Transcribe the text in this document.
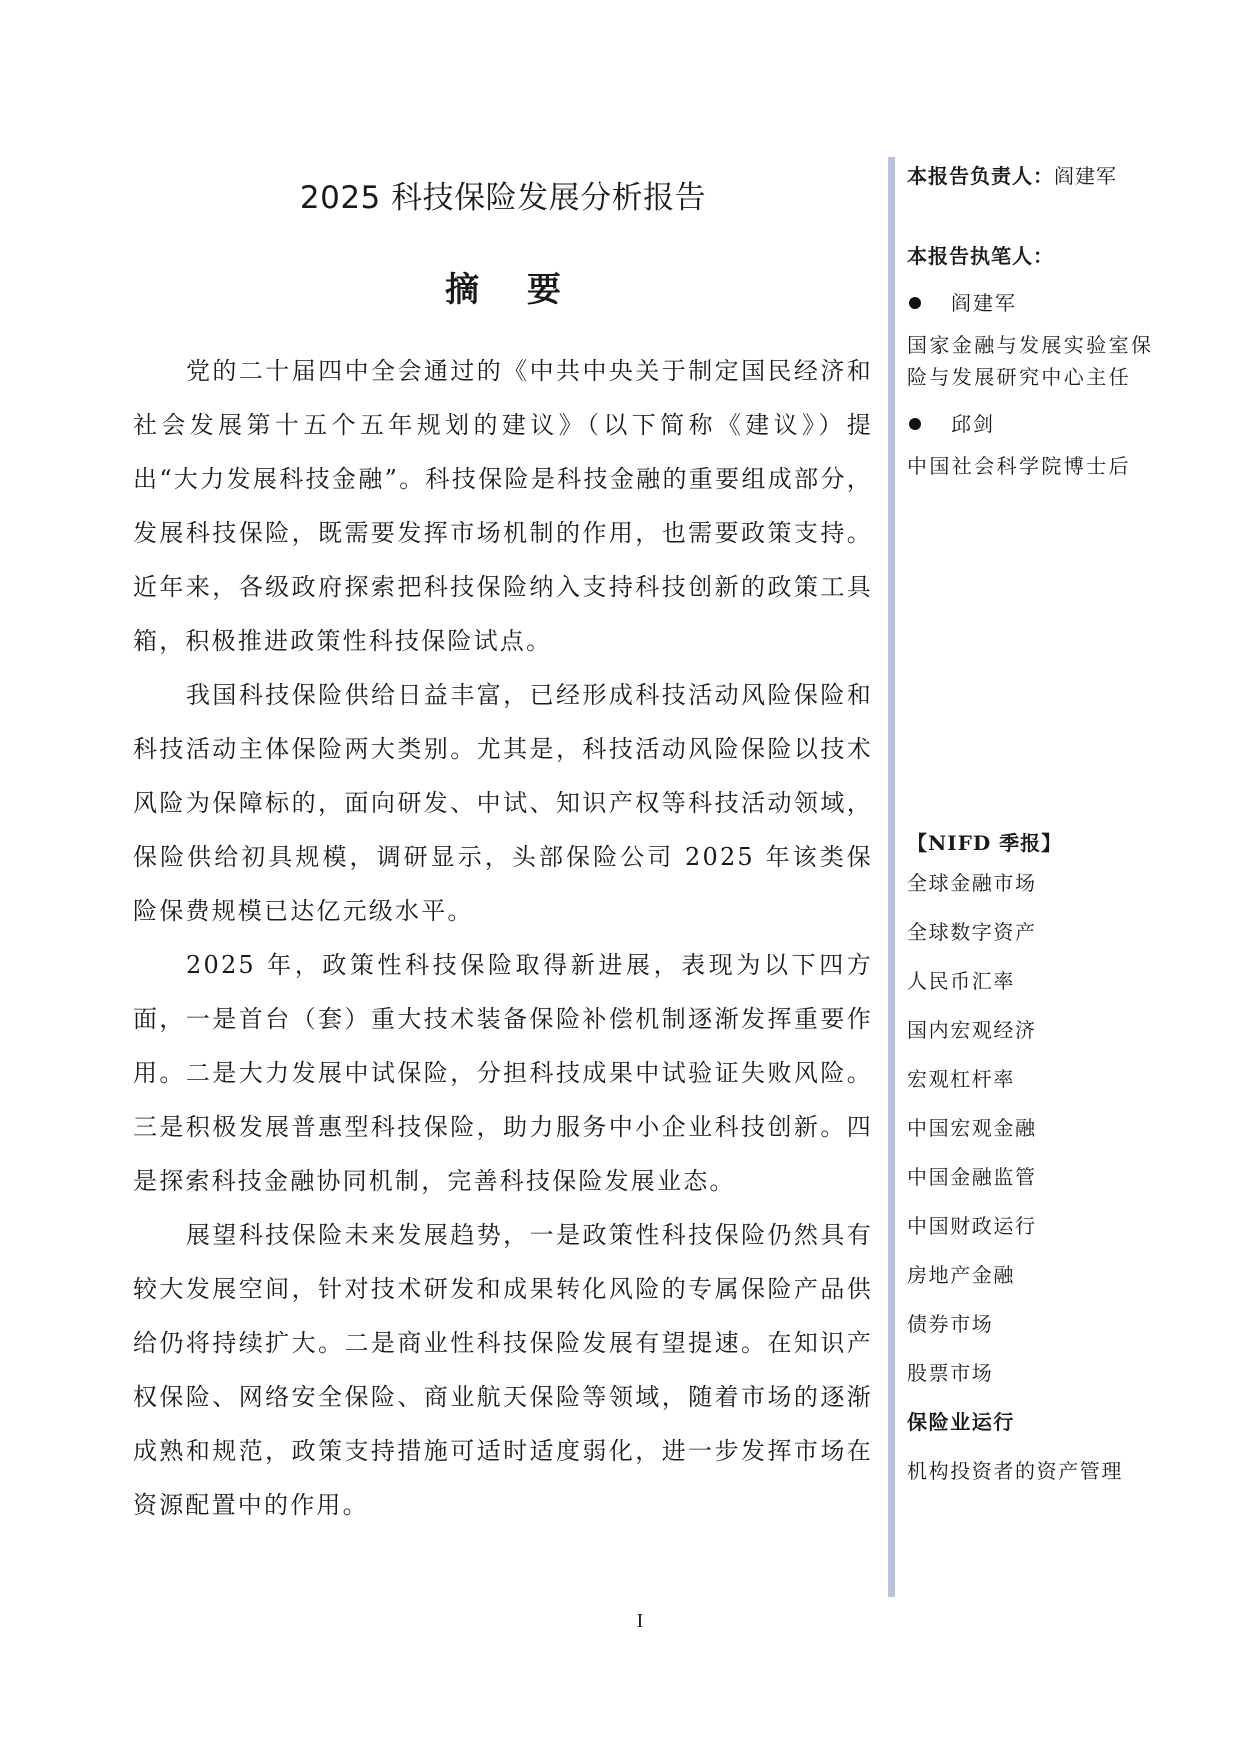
2025 科技保险发展分析报告
摘 要

党的二十届四中全会通过的《中共中央关于制定国民经济和社会发展第十五个五年规划的建议》（以下简称《建议》）提出“大力发展科技金融”。科技保险是科技金融的重要组成部分，发展科技保险，既需要发挥市场机制的作用，也需要政策支持。近年来，各级政府探索把科技保险纳入支持科技创新的政策工具箱，积极推进政策性科技保险试点。

我国科技保险供给日益丰富，已经形成科技活动风险保险和科技活动主体保险两大类别。尤其是，科技活动风险保险以技术风险为保障标的，面向研发、中试、知识产权等科技活动领域，保险供给初具规模，调研显示，头部保险公司 2025 年该类保险保费规模已达亿元级水平。

2025 年，政策性科技保险取得新进展，表现为以下四方面，一是首台（套）重大技术装备保险补偿机制逐渐发挥重要作用。二是大力发展中试保险，分担科技成果中试验证失败风险。三是积极发展普惠型科技保险，助力服务中小企业科技创新。四是探索科技金融协同机制，完善科技保险发展业态。

展望科技保险未来发展趋势，一是政策性科技保险仍然具有较大发展空间，针对技术研发和成果转化风险的专属保险产品供给仍将持续扩大。二是商业性科技保险发展有望提速。在知识产权保险、网络安全保险、商业航天保险等领域，随着市场的逐渐成熟和规范，政策支持措施可适时适度弱化，进一步发挥市场在资源配置中的作用。

本报告负责人：阎建军
本报告执笔人：
阎建军

国家金融与发展实验室保险与发展研究中心主任

邱剑

中国社会科学院博士后

【NIFD 季报】
全球金融市场
全球数字资产
人民币汇率
国内宏观经济
宏观杠杆率
中国宏观金融
中国金融监管
中国财政运行
房地产金融
债券市场
股票市场
保险业运行
机构投资者的资产管理
I
